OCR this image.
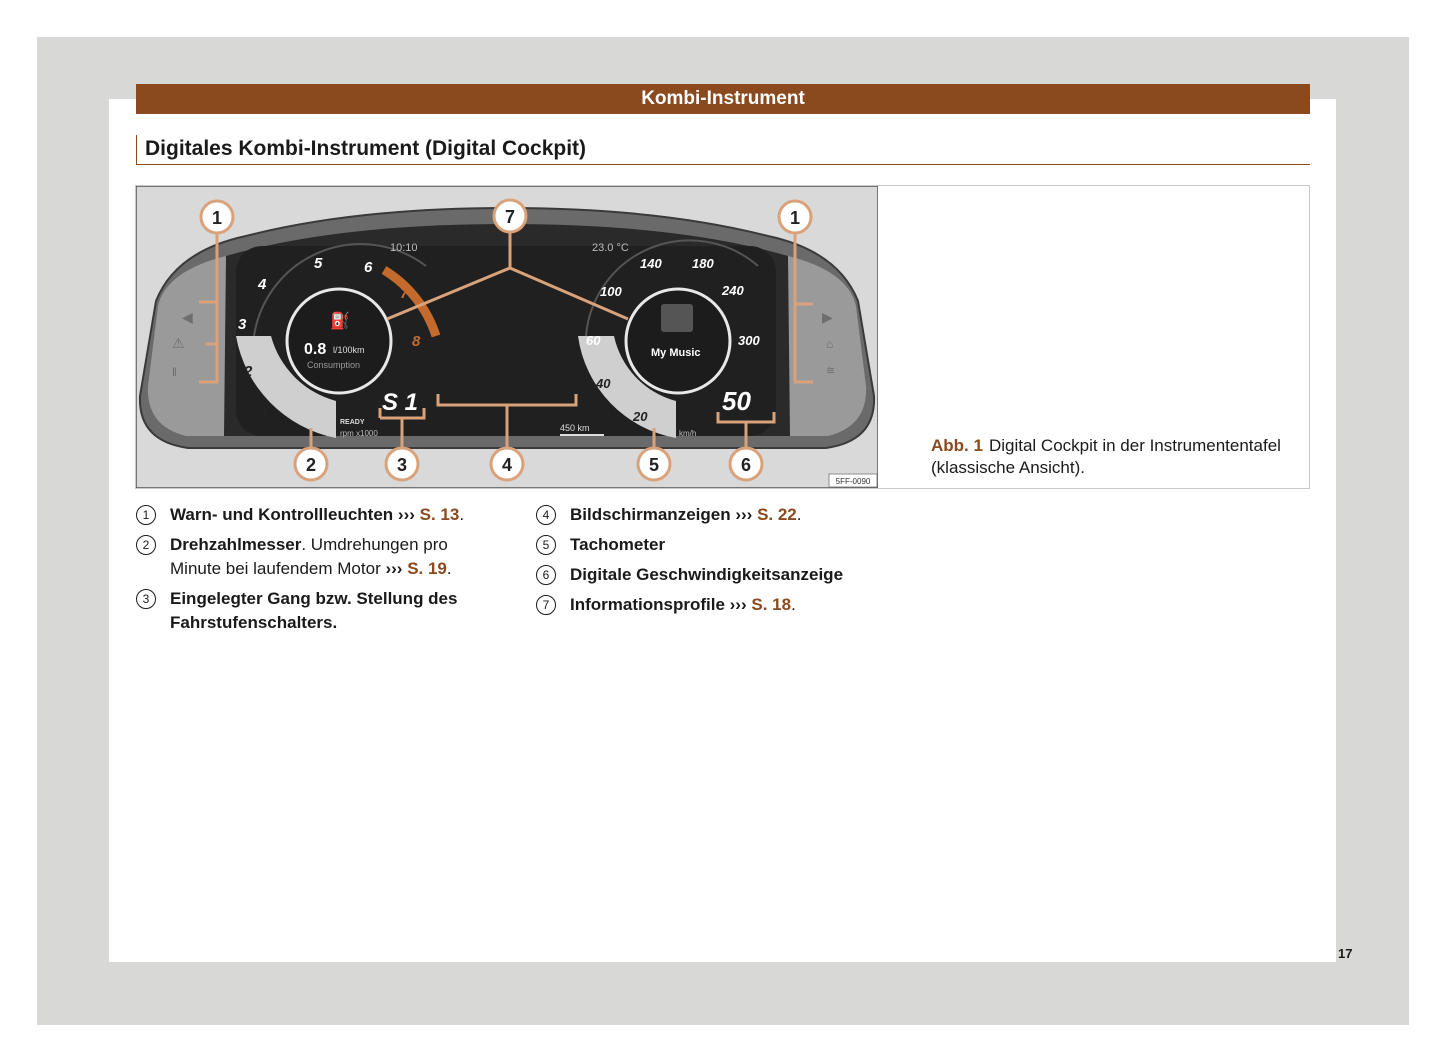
Kombi-Instrument
Digitales Kombi-Instrument (Digital Cockpit)
◀
⚠
‖
▶
⌂
≋
1
2
3
4
5	6
7
8
10:10
⛽
0.8 l/100km
Consumption
READY
rpm x1000
S 1
20
40
60
100
140 180
240
300
23.0 °C
My Music
50
km/h
450 km
1	7	1
2	3	4	5	6
5FF-0090
Abb. 1 Digital Cockpit in der Instrumententafel (klassische Ansicht).
1	Warn- und Kontrollleuchten ››› S. 13.
2	Drehzahlmesser. Umdrehungen pro Minute bei laufendem Motor ››› S. 19.
3	Eingelegter Gang bzw. Stellung des Fahrstufenschalters.
4	Bildschirmanzeigen ››› S. 22.
5	Tachometer
6	Digitale Geschwindigkeitsanzeige
7	Informationsprofile ››› S. 18.
17
